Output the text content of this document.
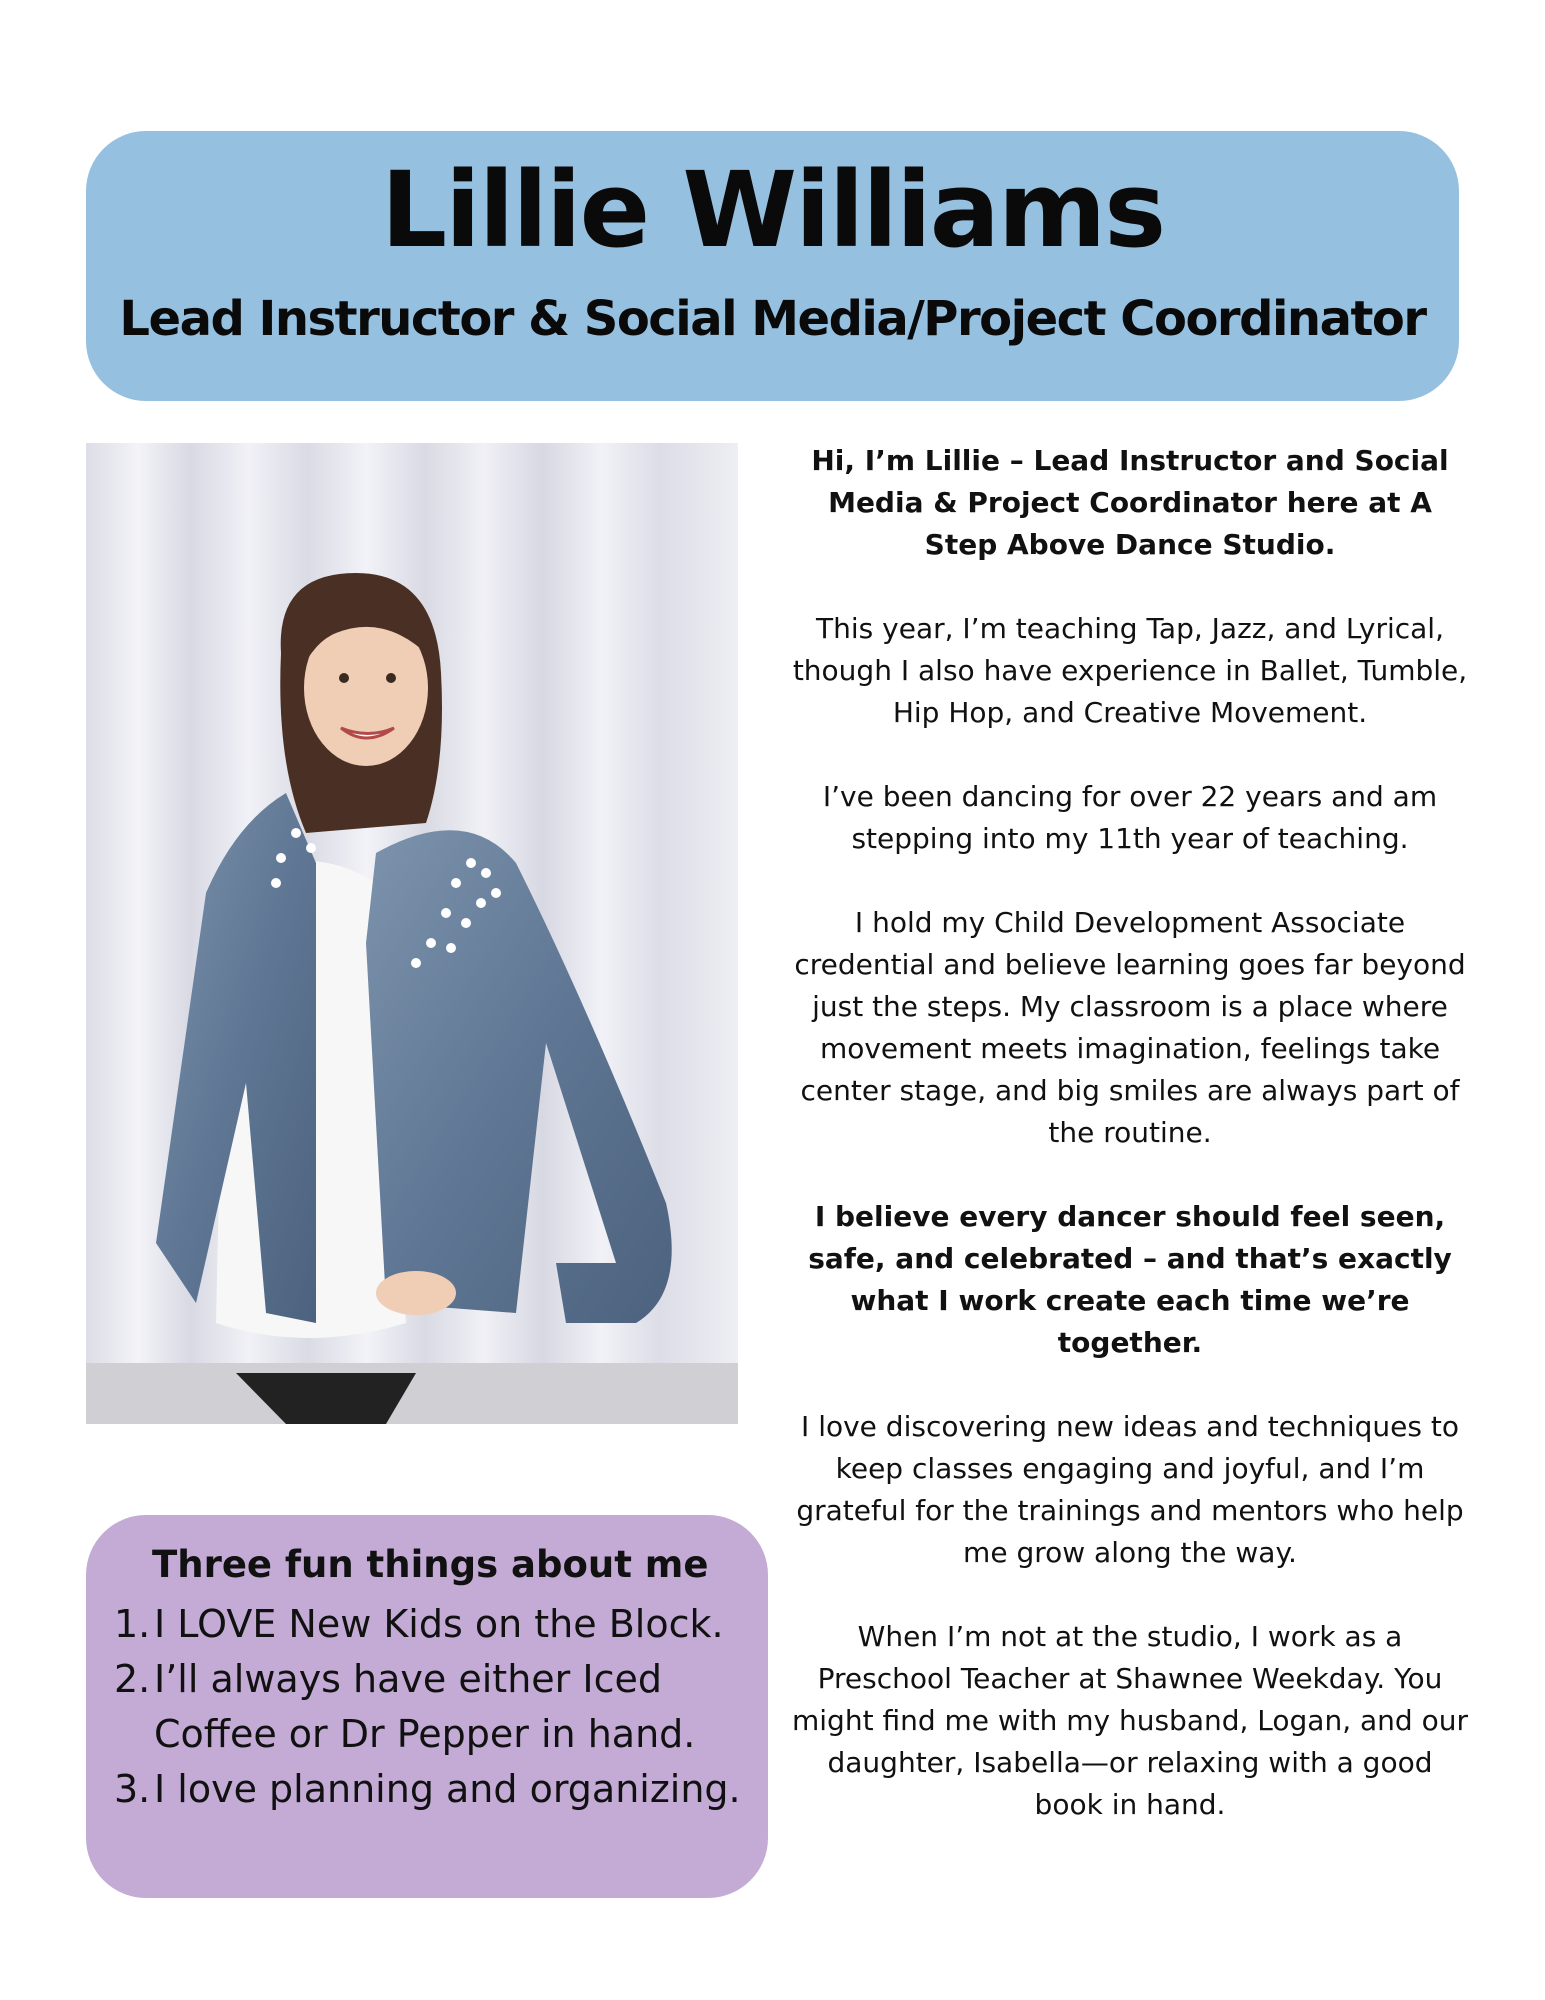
Lillie Williams
Lead Instructor & Social Media/Project Coordinator

Hi, I’m Lillie – Lead Instructor and Social Media & Project Coordinator here at A Step Above Dance Studio.

This year, I’m teaching Tap, Jazz, and Lyrical, though I also have experience in Ballet, Tumble, Hip Hop, and Creative Movement.

I’ve been dancing for over 22 years and am stepping into my 11th year of teaching.

I hold my Child Development Associate credential and believe learning goes far beyond just the steps. My classroom is a place where movement meets imagination, feelings take center stage, and big smiles are always part of the routine.

I believe every dancer should feel seen, safe, and celebrated – and that’s exactly what I work create each time we’re together.

I love discovering new ideas and techniques to keep classes engaging and joyful, and I’m grateful for the trainings and mentors who help me grow along the way.

When I’m not at the studio, I work as a Preschool Teacher at Shawnee Weekday. You might find me with my husband, Logan, and our daughter, Isabella—or relaxing with a good book in hand.

Three fun things about me
1. I LOVE New Kids on the Block.
2. I’ll always have either Iced Coffee or Dr Pepper in hand.
3. I love planning and organizing.
